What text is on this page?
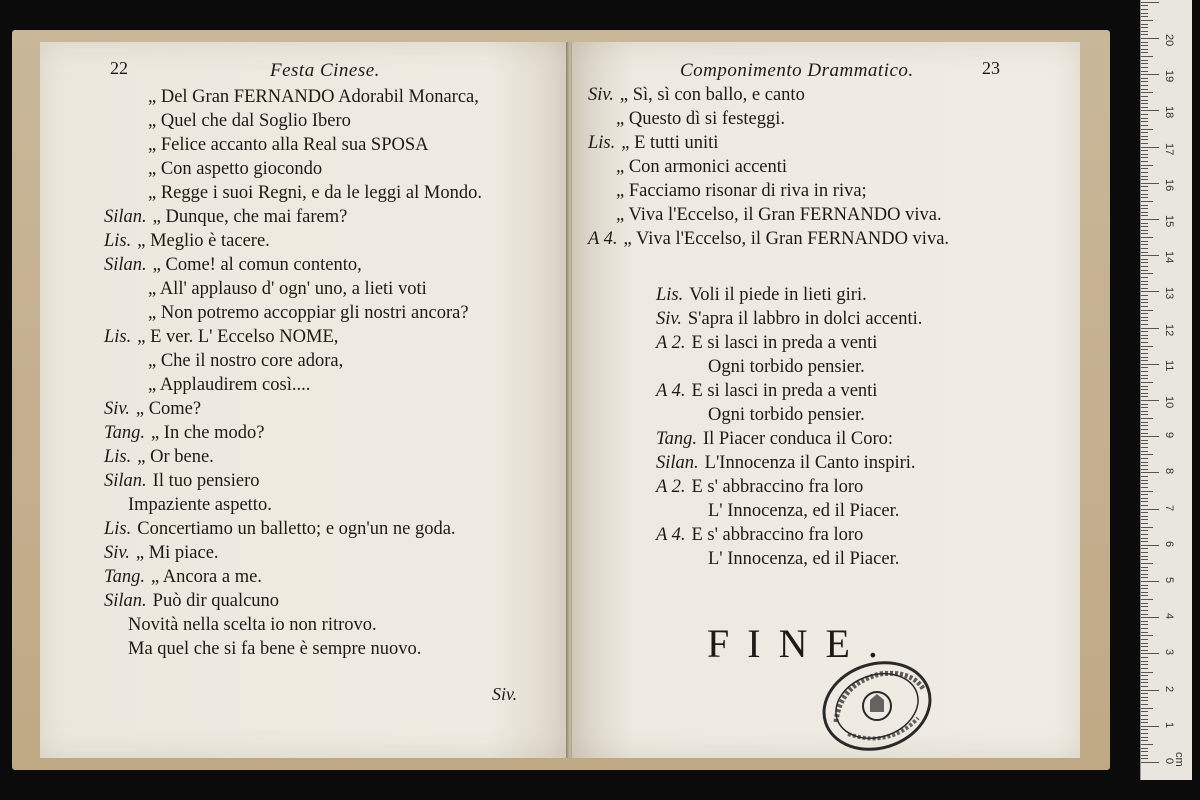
22	Festa Cinese.
„ Del Gran FERNANDO Adorabil Monarca,
„ Quel che dal Soglio Ibero
„ Felice accanto alla Real sua SPOSA
„ Con aspetto giocondo
„ Regge i suoi Regni, e da le leggi al Mondo.
Silan. „ Dunque, che mai farem?
Lis. „ Meglio è tacere.
Silan. „ Come! al comun contento,
„ All' applauso d' ogn' uno, a lieti voti
„ Non potremo accoppiar gli nostri ancora?
Lis. „ E ver. L' Eccelso NOME,
„ Che il nostro core adora,
„ Applaudirem così....
Siv. „ Come?
Tang. „ In che modo?
Lis. „ Or bene.
Silan. Il tuo pensiero
Impaziente aspetto.
Lis. Concertiamo un balletto; e ogn'un ne goda.
Siv. „ Mi piace.
Tang. „ Ancora a me.
Silan. Può dir qualcuno
Novità nella scelta io non ritrovo.
Ma quel che si fa bene è sempre nuovo.
Siv.
Componimento Drammatico.	23
Siv. „ Sì, sì con ballo, e canto
„ Questo dì si festeggi.
Lis. „ E tutti uniti
„ Con armonici accenti
„ Facciamo risonar di riva in riva;
„ Viva l'Eccelso, il Gran FERNANDO viva.
A 4. „ Viva l'Eccelso, il Gran FERNANDO viva.
Lis. Voli il piede in lieti giri.
Siv. S'apra il labbro in dolci accenti.
A 2. E si lasci in preda a venti
Ogni torbido pensier.
A 4. E si lasci in preda a venti
Ogni torbido pensier.
Tang. Il Piacer conduca il Coro:
Silan. L'Innocenza il Canto inspiri.
A 2. E s' abbraccino fra loro
L' Innocenza, ed il Piacer.
A 4. E s' abbraccino fra loro
L' Innocenza, ed il Piacer.
FINE.
0
1
2
3
4
5
6
7
8
9
10
11
12
13
14
15
16
17
18
19
20
cm
